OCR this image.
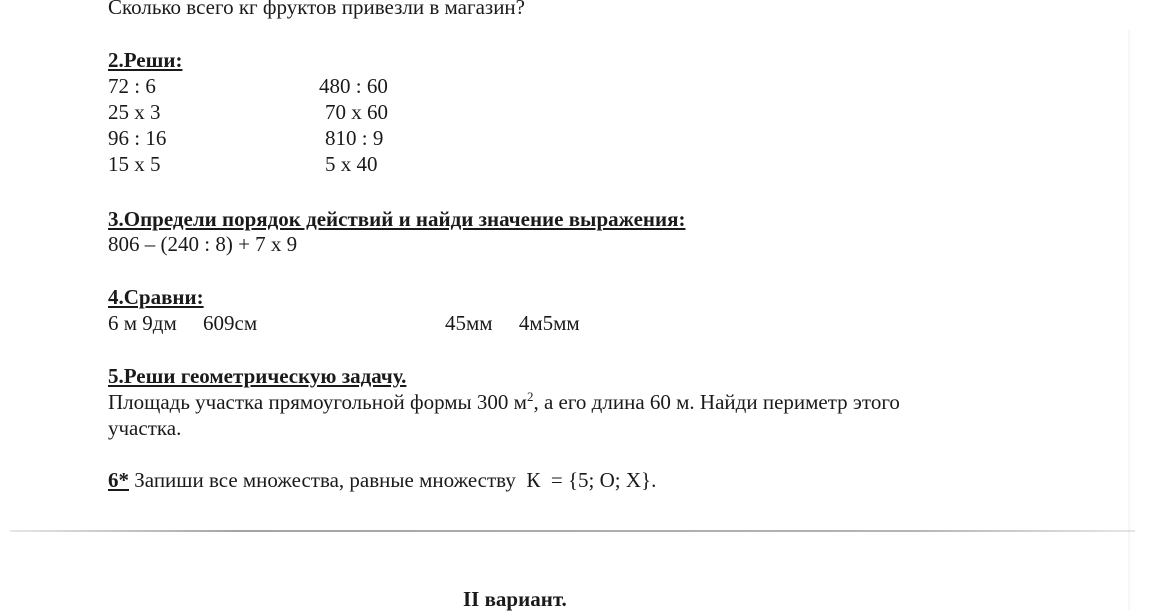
Сколько всего кг фруктов привезли в магазин?
2.Реши:
72 : 6
25 х 3
96 : 16
15 х 5
480 : 60
70 х 60
810 : 9
5 х 40
3.Определи порядок действий и найди значение выражения:
806 – (240 : 8) + 7 х 9
4.Сравни:
6 м 9дм     609см	45мм     4м5мм
5.Реши геометрическую задачу.
Площадь участка прямоугольной формы 300 $м^2$, а его длина 60 м. Найди периметр этого
участка.
6* Запиши все множества, равные множеству  К  = {5; О; Х}.
II вариант.
